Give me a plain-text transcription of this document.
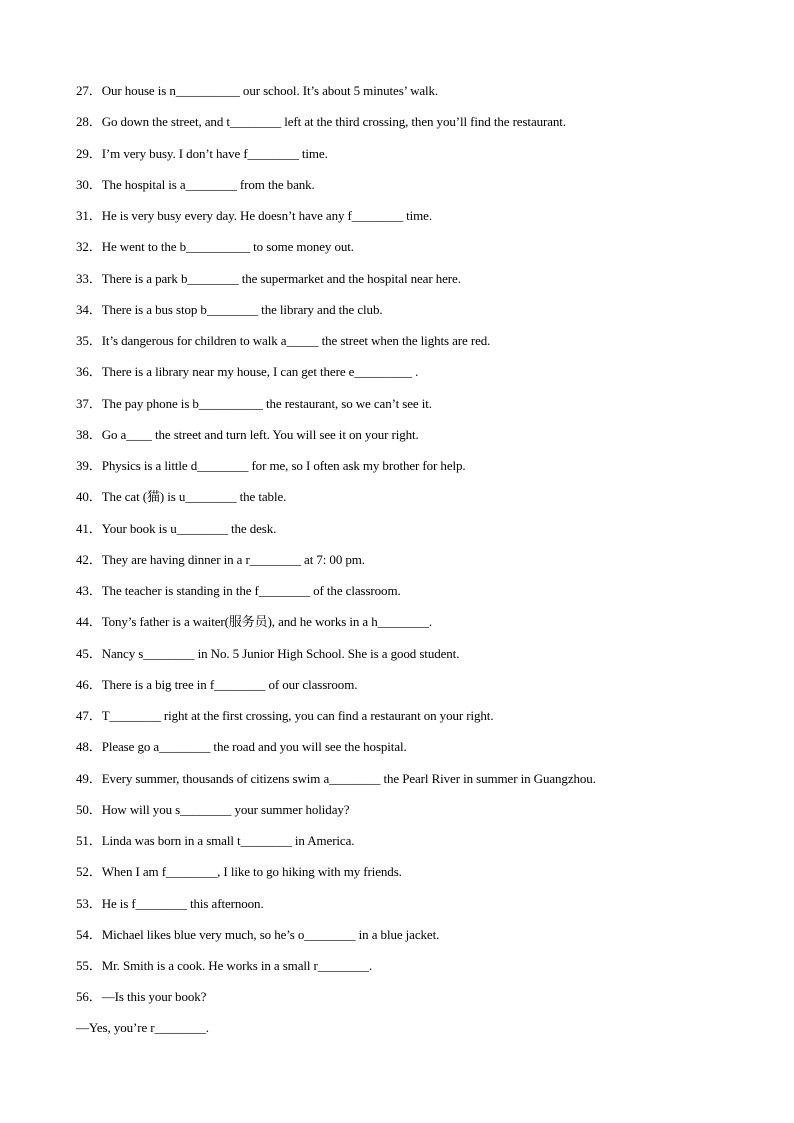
27．Our house is n__________ our school. It’s about 5 minutes’ walk.
28．Go down the street, and t________ left at the third crossing, then you’ll find the restaurant.
29．I’m very busy. I don’t have f________ time.
30．The hospital is a________ from the bank.
31．He is very busy every day. He doesn’t have any f________ time.
32．He went to the b__________ to some money out.
33．There is a park b________ the supermarket and the hospital near here.
34．There is a bus stop b________ the library and the club.
35．It’s dangerous for children to walk a_____ the street when the lights are red.
36．There is a library near my house, I can get there e_________ .
37．The pay phone is b__________ the restaurant, so we can’t see it.
38．Go a____ the street and turn left. You will see it on your right.
39．Physics is a little d________ for me, so I often ask my brother for help.
40．The cat (猫) is u________ the table.
41．Your book is u________ the desk.
42．They are having dinner in a r________ at 7: 00 pm.
43．The teacher is standing in the f________ of the classroom.
44．Tony’s father is a waiter(服务员), and he works in a h________.
45．Nancy s________ in No. 5 Junior High School. She is a good student.
46．There is a big tree in f________ of our classroom.
47．T________ right at the first crossing, you can find a restaurant on your right.
48．Please go a________ the road and you will see the hospital.
49．Every summer, thousands of citizens swim a________ the Pearl River in summer in Guangzhou.
50．How will you s________ your summer holiday?
51．Linda was born in a small t________ in America.
52．When I am f________, I like to go hiking with my friends.
53．He is f________ this afternoon.
54．Michael likes blue very much, so he’s o________ in a blue jacket.
55．Mr. Smith is a cook. He works in a small r________.
56．—Is this your book?
—Yes, you’re r________.
